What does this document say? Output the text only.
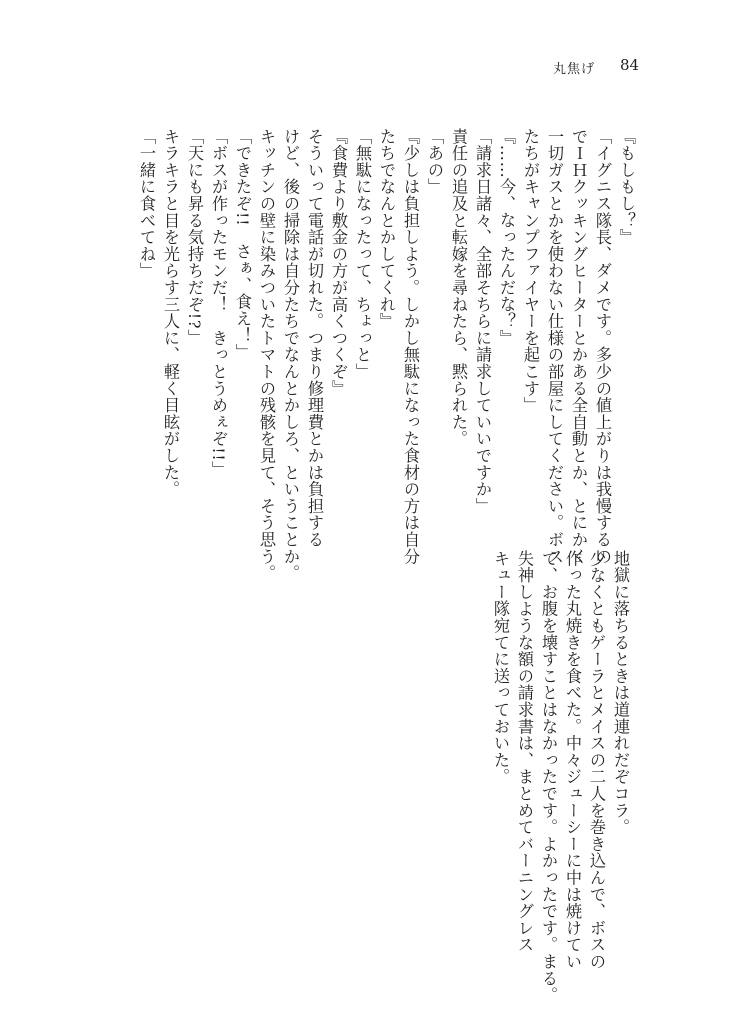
丸焦げ 84
『もしもし？』
「イグニス隊長、ダメです。多少の値上がりは我慢するの
でＩＨクッキングヒーターとかある全自動とか、とにかく
一切ガスとかを使わない仕様の部屋にしてください。ボス
たちがキャンプファイヤーを起こす」
『……今、なったんだな？』
「請求日諸々、全部そちらに請求していいですか」
責任の追及と転嫁を尋ねたら、黙られた。
「あの」
『少しは負担しよう。しかし無駄になった食材の方は自分
たちでなんとかしてくれ』
「無駄になったって、ちょっと」
『食費より敷金の方が高くつくぞ』
そういって電話が切れた。つまり修理費とかは負担する
けど、後の掃除は自分たちでなんとかしろ、ということか。
キッチンの壁に染みついたトマトの残骸を見て、そう思う。
「できたぞ!!　さぁ、食え！」
「ボスが作ったモンだ！　きっとうめぇぞ!!」
「天にも昇る気持ちだぞ!?」
キラキラと目を光らす三人に、軽く目眩がした。
「一緒に食べてね」
地獄に落ちるときは道連れだぞコラ。
少なくともゲーラとメイスの二人を巻き込んで、ボスの
作った丸焼きを食べた。中々ジューシーに中は焼けてい
て、お腹を壊すことはなかったです。よかったです。まる。
失神しような額の請求書は、まとめてバーニングレス
キュー隊宛てに送っておいた。
